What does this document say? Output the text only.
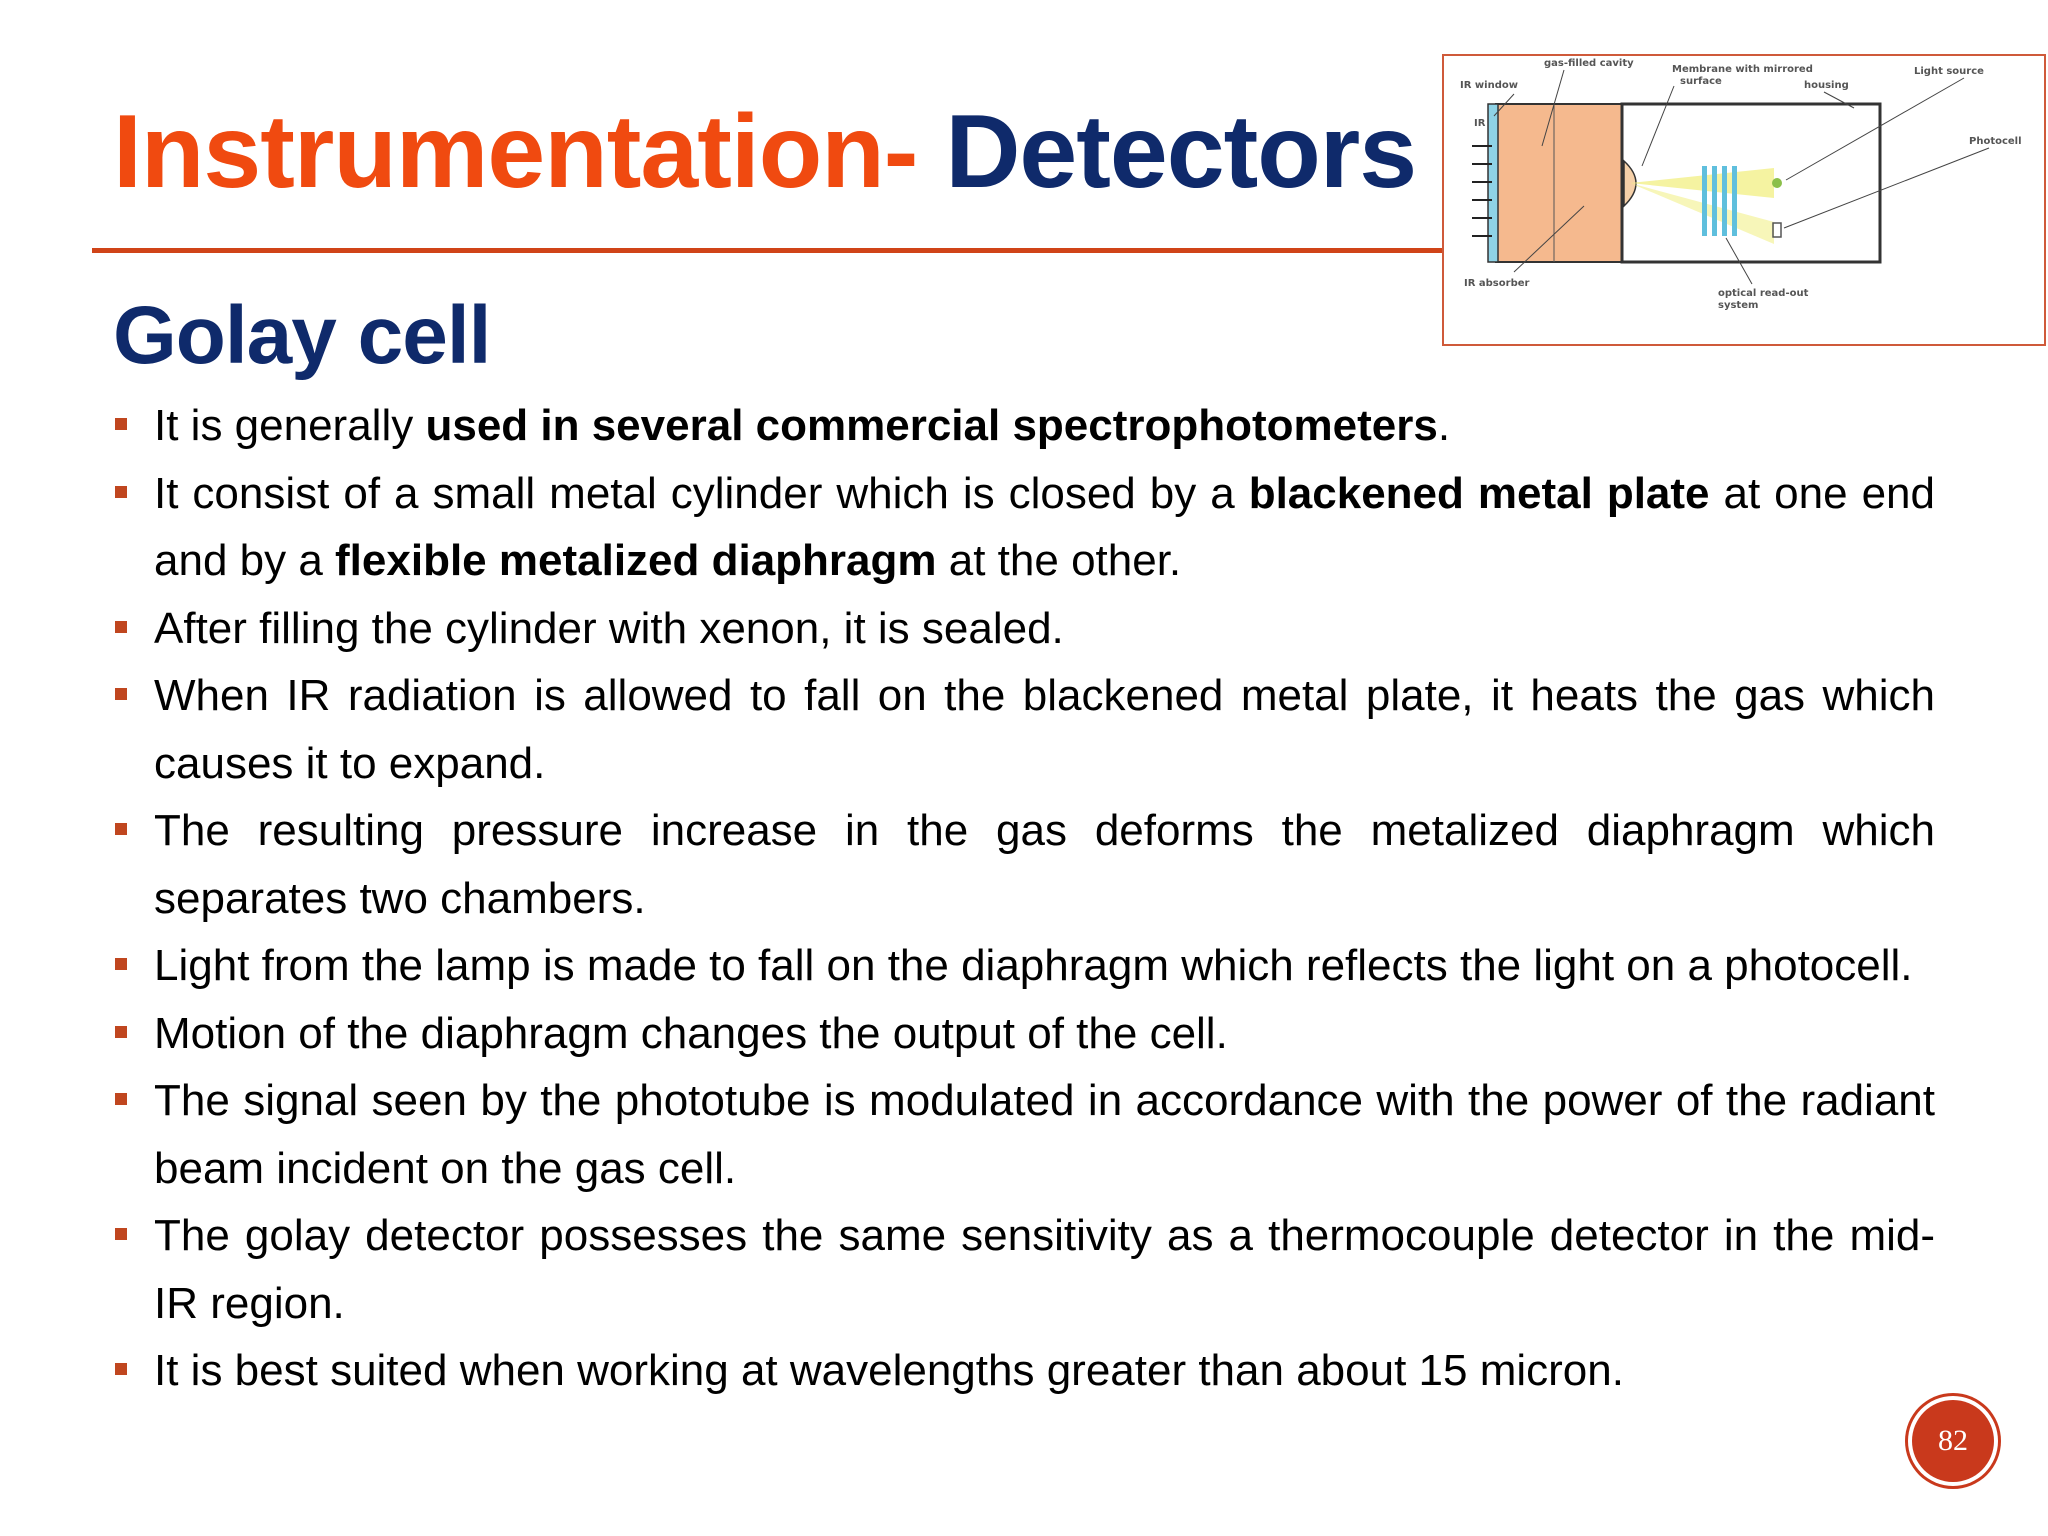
Instrumentation- Detectors
Golay cell
gas-filled cavity
Membrane with mirrored
surface
IR window	housing
Light source
Photocell
IR
IR absorber
optical read-out
system
It is generally used in several commercial spectrophotometers.
It consist of a small metal cylinder which is closed by a blackened metal plate at one end and by a flexible metalized diaphragm at the other.
After filling the cylinder with xenon, it is sealed.
When IR radiation is allowed to fall on the blackened metal plate, it heats the gas which causes it to expand.
The resulting pressure increase in the gas deforms the metalized diaphragm which separates two chambers.
Light from the lamp is made to fall on the diaphragm which reflects the light on a photocell.
Motion of the diaphragm changes the output of the cell.
The signal seen by the phototube is modulated in accordance with the power of the radiant beam incident on the gas cell.
The golay detector possesses the same sensitivity as a thermocouple detector in the mid-IR region.
It is best suited when working at wavelengths greater than about 15 micron.
82
